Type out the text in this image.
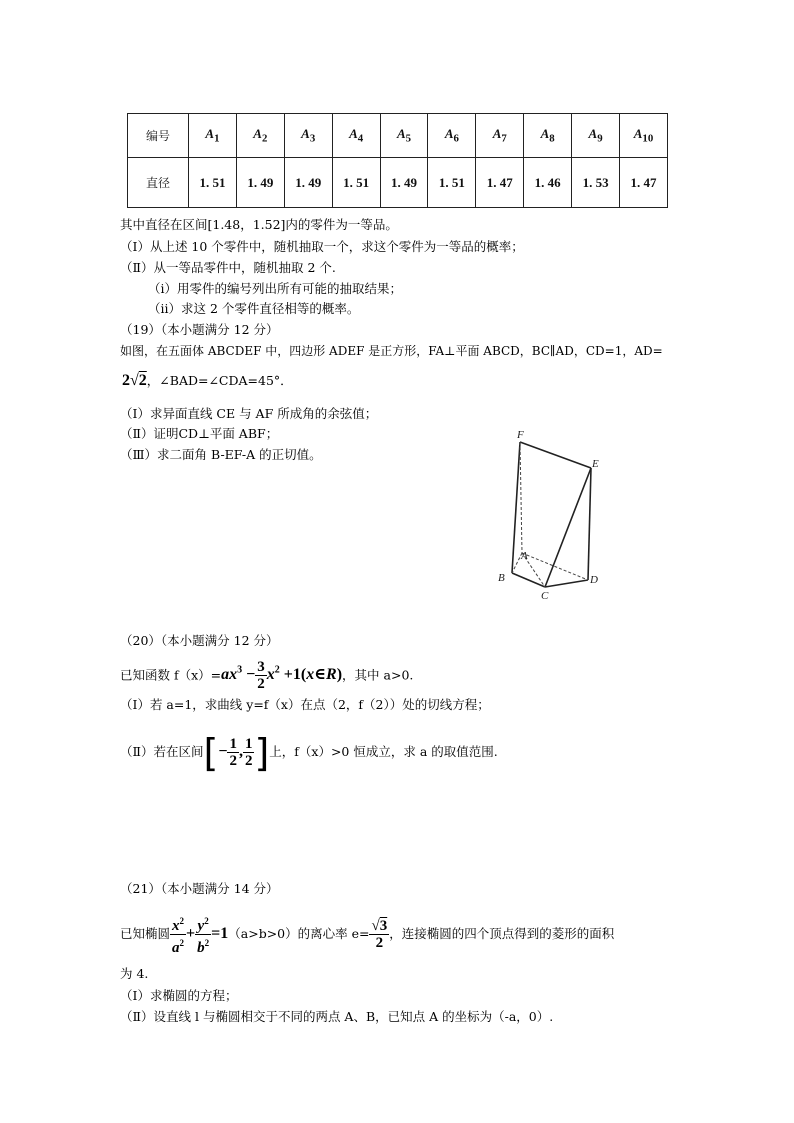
编号	$A_1$	$A_2$	$A_3$	$A_4$	$A_5$	$A_6$	$A_7$	$A_8$	$A_9$	$A_{10}$
直径	1. 51	1. 49	1. 49	1. 51	1. 49	1. 51	1. 47	1. 46	1. 53	1. 47
其中直径在区间[1.48，1.52]内的零件为一等品。
（Ⅰ）从上述 10 个零件中，随机抽取一个，求这个零件为一等品的概率；
（Ⅱ）从一等品零件中，随机抽取 2 个.
（ⅰ）用零件的编号列出所有可能的抽取结果；
（ⅱ）求这 2 个零件直径相等的概率。
（19）（本小题满分 12 分）
如图，在五面体 ABCDEF 中，四边形 ADEF 是正方形，FA⊥平面 ABCD，BC∥AD，CD=1，AD=
2√2，∠BAD=∠CDA=45°．
（Ⅰ）求异面直线 CE 与 AF 所成角的余弦值；
（Ⅱ）证明CD⊥平面 ABF；
（Ⅲ）求二面角 B-EF-A 的正切值。
F
E
A
B
C
D
（20）（本小题满分 12 分）
已知函数 $f(x)=ax^3 - \frac{3}{2} x^2$ +1(x∈R)，其中 a>0.
（Ⅰ）若 a=1，求曲线 y=f（x）在点（2，f（2））处的切线方程；
（Ⅱ）若在区间[− $\frac{1}{2}$ , $\frac{1}{2}$ ]上，f（x）>0 恒成立，求 a 的取值范围.
（21）（本小题满分 14 分）
已知椭圆 $\frac{x^2}{a^2} + \frac{y^2}{b^2} =1(a>b>0)$的离心率 $e= \frac{√3}{2}$ ，连接椭圆的四个顶点得到的菱形的面积
为 4.
（Ⅰ）求椭圆的方程；
（Ⅱ）设直线 l 与椭圆相交于不同的两点 A、B，已知点 A 的坐标为（-a，0）.
